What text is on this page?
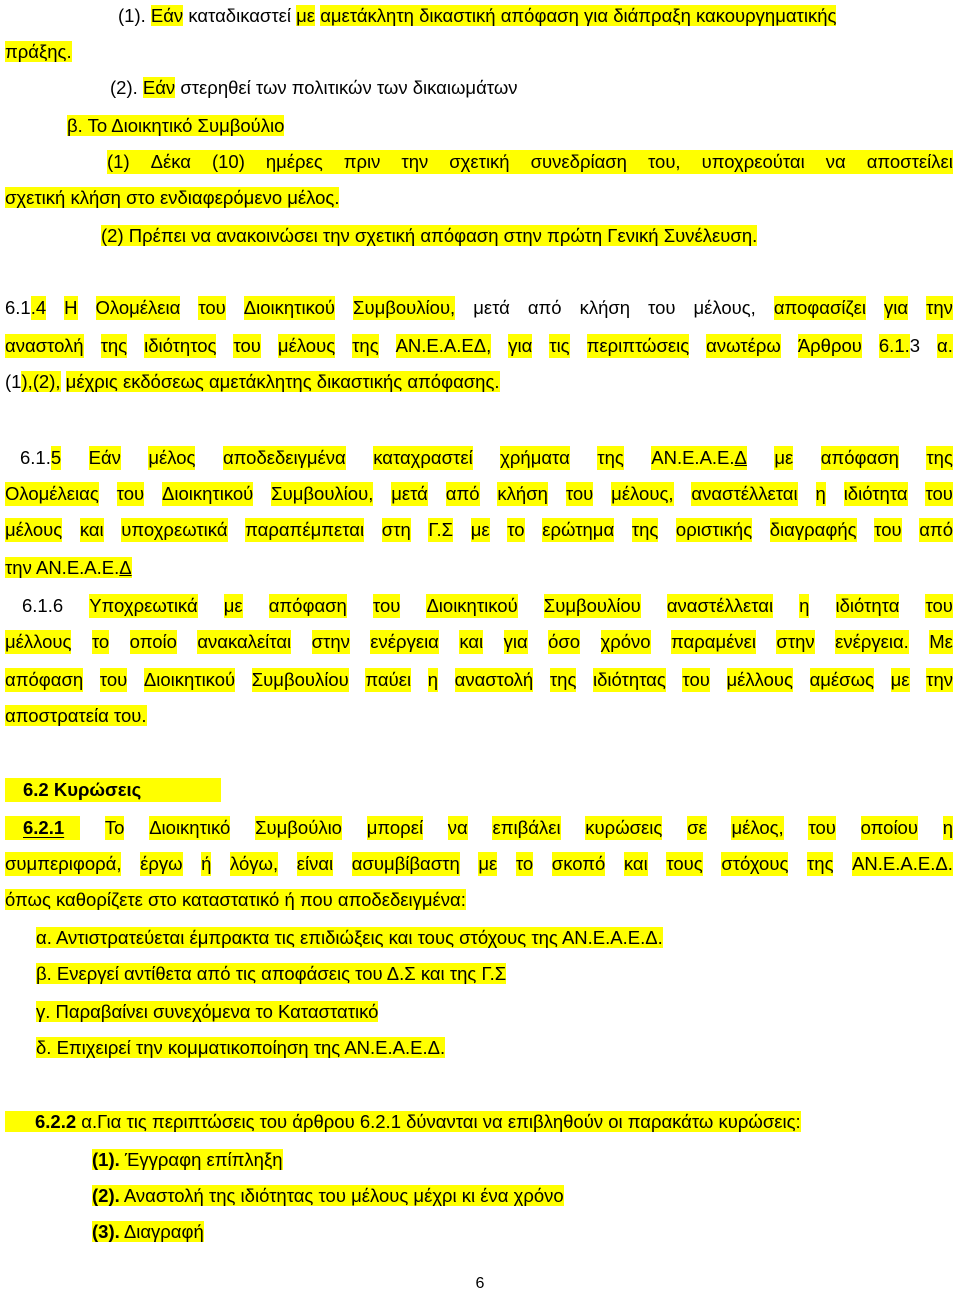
(1). Εάν καταδικαστεί με αμετάκλητη δικαστική απόφαση για διάπραξη κακουργηματικής
πράξης.
(2). Εάν στερηθεί των πολιτικών των δικαιωμάτων
β. Το Διοικητικό Συμβούλιο
(1) Δέκα (10) ημέρες πριν την σχετική συνεδρίαση του, υποχρεούται να αποστείλει
σχετική κλήση στο ενδιαφερόμενο μέλος.
(2) Πρέπει να ανακοινώσει την σχετική απόφαση στην πρώτη Γενική Συνέλευση.
6.1.4 Η Ολομέλεια του Διοικητικού Συμβουλίου, μετά από κλήση του μέλους, αποφασίζει για την
αναστολή της ιδιότητος του μέλους της ΑΝ.Ε.Α.ΕΔ, για τις περιπτώσεις ανωτέρω Άρθρου 6.1.3 α.
(1),(2), μέχρις εκδόσεως αμετάκλητης δικαστικής απόφασης.
6.1.5 Εάν μέλος αποδεδειγμένα καταχραστεί χρήματα της ΑΝ.Ε.Α.Ε.Δ με απόφαση της
Ολομέλειας του Διοικητικού Συμβουλίου, μετά από κλήση του μέλους, αναστέλλεται η ιδιότητα του
μέλους και υποχρεωτικά παραπέμπεται στη Γ.Σ με το ερώτημα της οριστικής διαγραφής του από
την ΑΝ.Ε.Α.Ε.Δ
6.1.6 Υποχρεωτικά με απόφαση του Διοικητικού Συμβουλίου αναστέλλεται η ιδιότητα του
μέλλους το οποίο ανακαλείται στην ενέργεια και για όσο χρόνο παραμένει στην ενέργεια. Με
απόφαση του Διοικητικού Συμβουλίου παύει η αναστολή της ιδιότητας του μέλλους αμέσως με την
αποστρατεία του.
6.2 Κυρώσεις
6.2.1	Το Διοικητικό Συμβούλιο μπορεί να επιβάλει κυρώσεις σε μέλος, του οποίου η
συμπεριφορά, έργω ή λόγω, είναι ασυμβίβαστη με το σκοπό και τους στόχους της ΑΝ.Ε.Α.Ε.Δ.
όπως καθορίζετε στο καταστατικό ή που αποδεδειγμένα:
α. Αντιστρατεύεται έμπρακτα τις επιδιώξεις και τους στόχους της ΑΝ.Ε.Α.Ε.Δ.
β. Ενεργεί αντίθετα από τις αποφάσεις του Δ.Σ και της Γ.Σ
γ. Παραβαίνει συνεχόμενα το Καταστατικό
δ. Επιχειρεί την κομματικοποίηση της ΑΝ.Ε.Α.Ε.Δ.
6.2.2 α.Για τις περιπτώσεις του άρθρου 6.2.1 δύνανται να επιβληθούν οι παρακάτω κυρώσεις:
(1). Έγγραφη επίπληξη
(2). Αναστολή της ιδιότητας του μέλους μέχρι κι ένα χρόνο
(3). Διαγραφή
6
